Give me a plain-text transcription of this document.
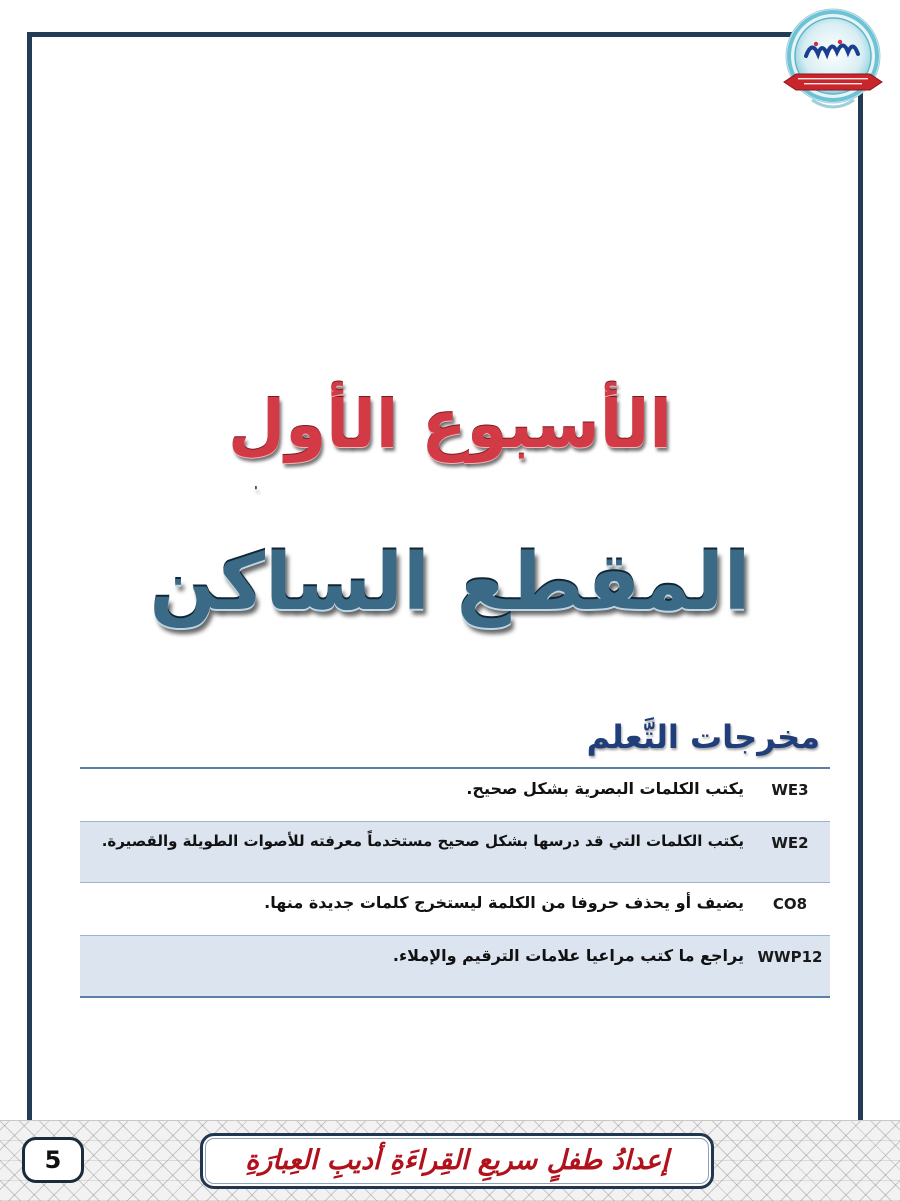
الأسبوع الأول
.
المقطع الساكن
مخرجات التَّعلم
WE3
يكتب الكلمات البصرية بشكل صحيح.
WE2
يكتب الكلمات التي قد درسها بشكل صحيح مستخدماً معرفته للأصوات الطويلة والقصيرة.
CO8
يضيف أو يحذف حروفا من الكلمة ليستخرج كلمات جديدة منها.
WWP12
يراجع ما كتب مراعيا علامات الترقيم والإملاء.
5	إعدادُ طفلٍ سريعِ القِراءَةِ أديبِ العِبارَةِ
